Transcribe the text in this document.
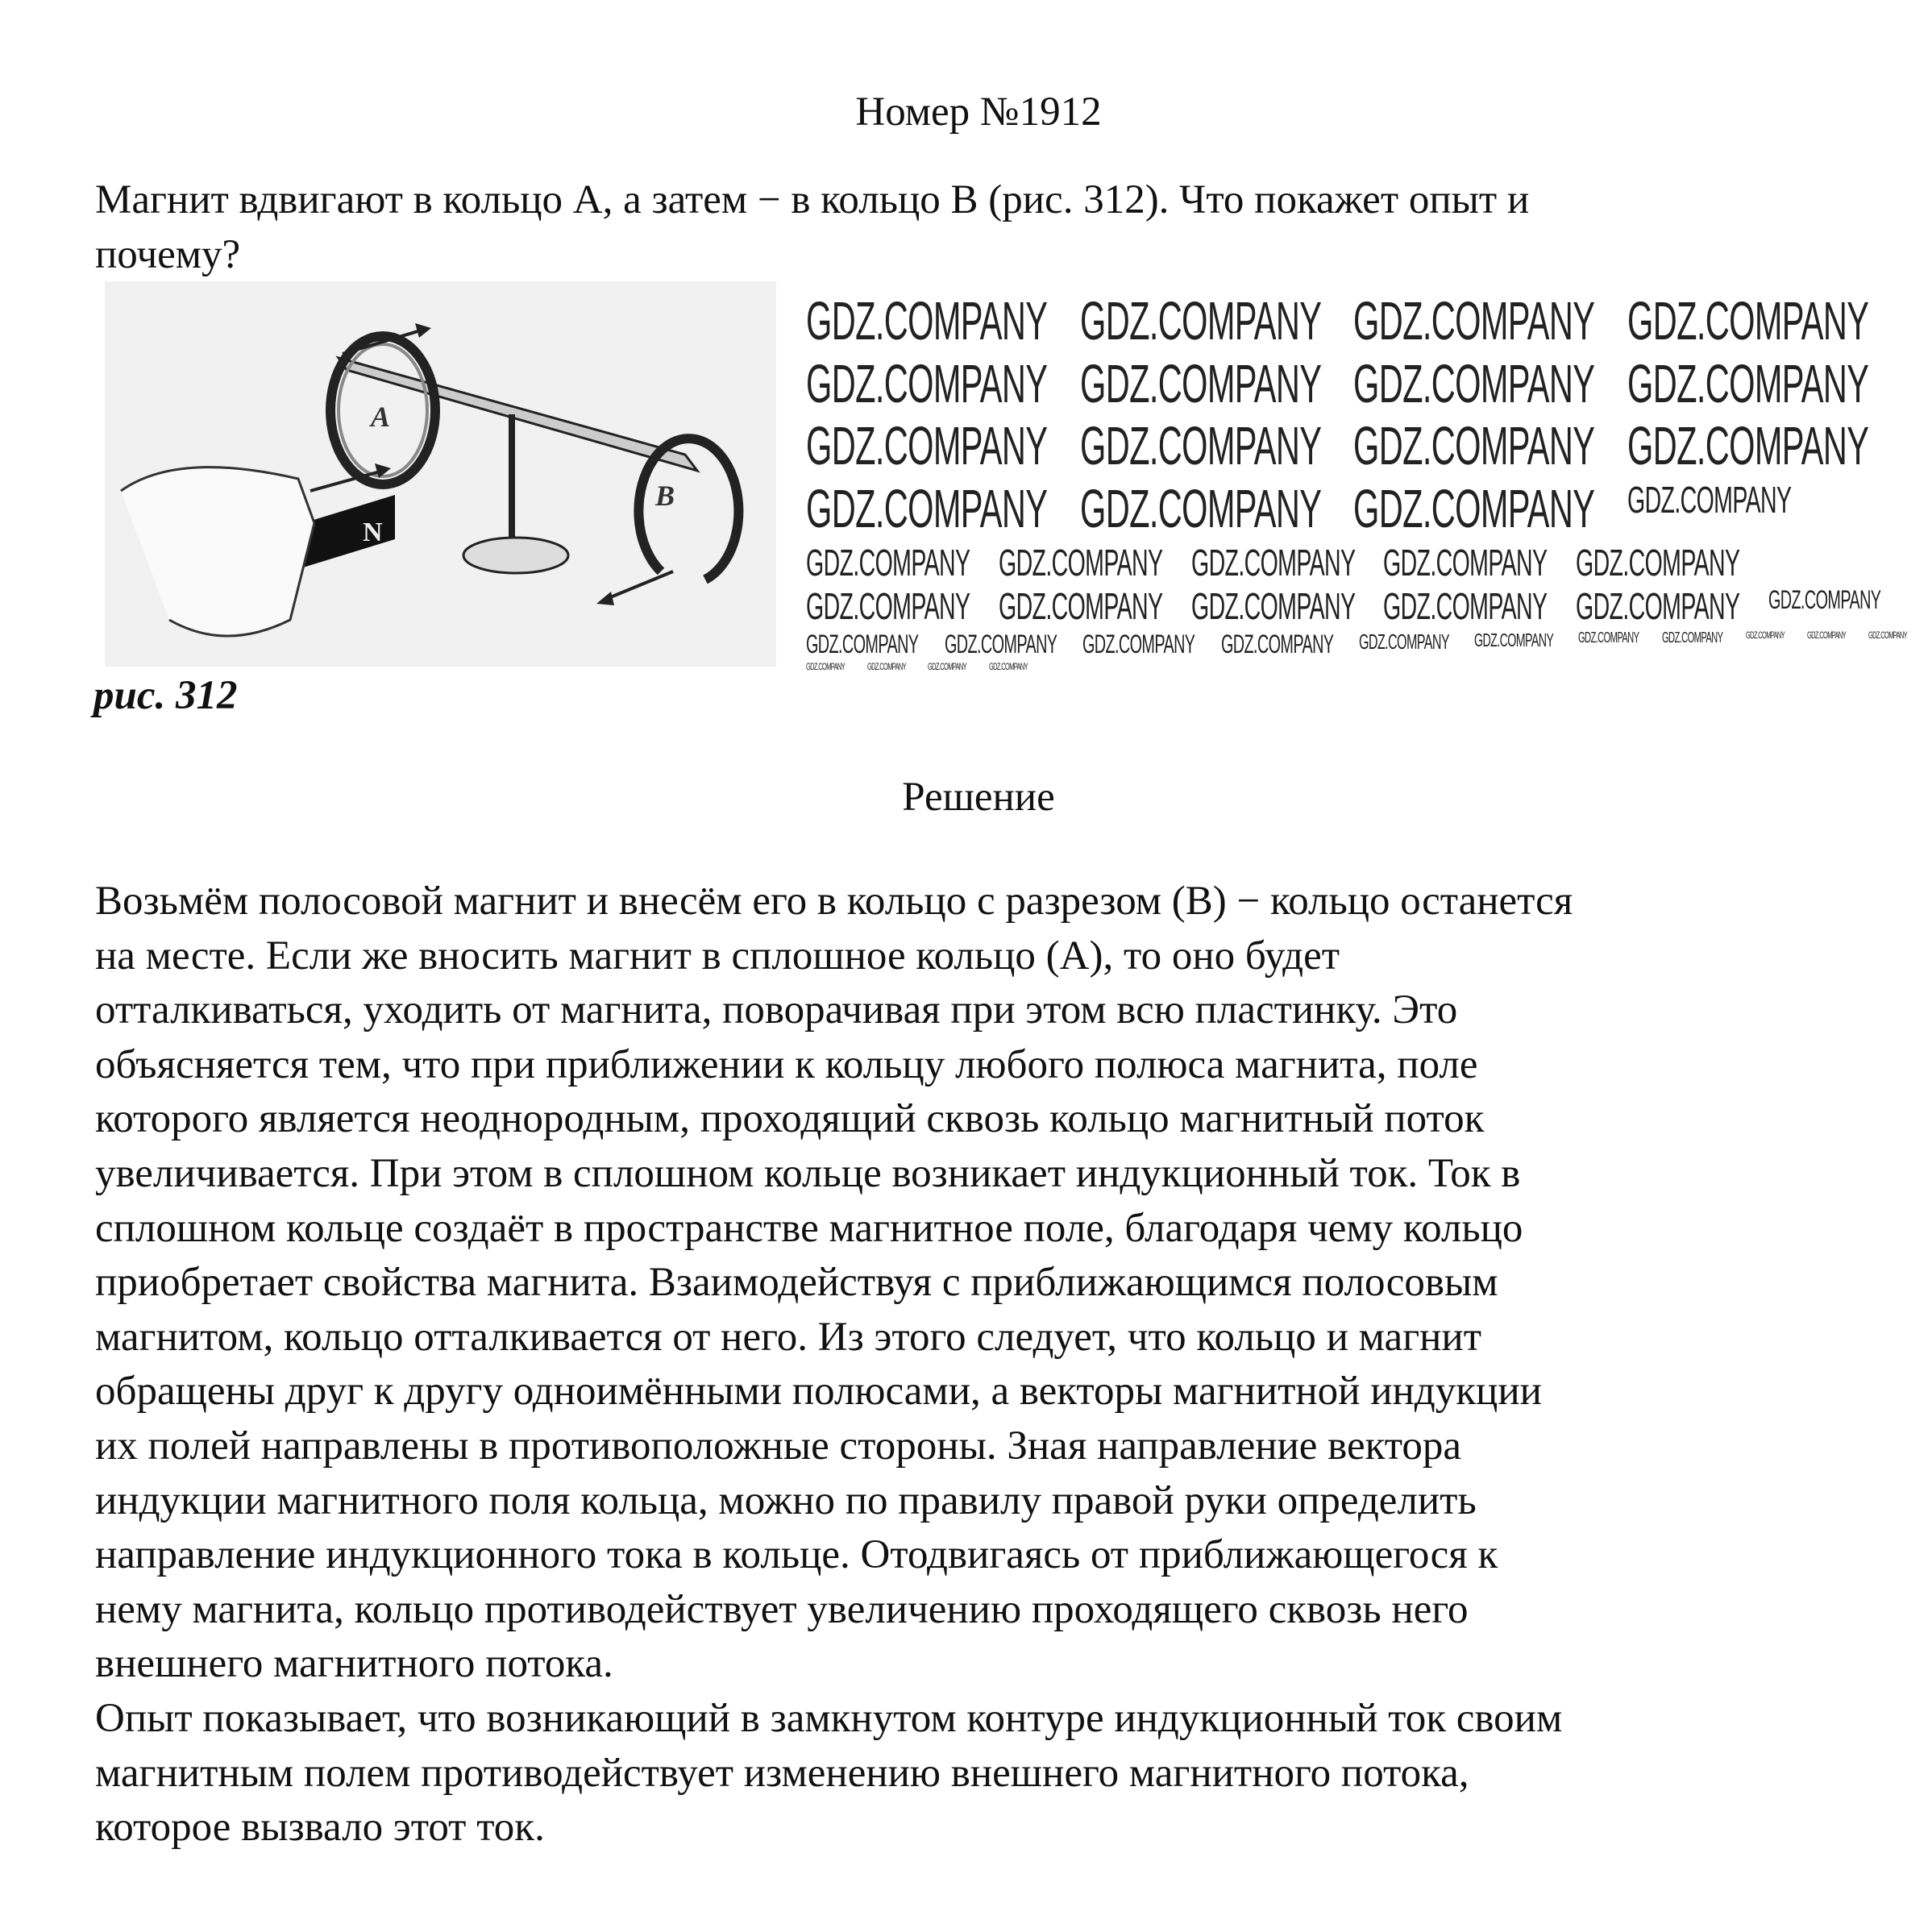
Номер №1912
Магнит вдвигают в кольцо А, а затем − в кольцо В (рис. 312). Что покажет опыт и
почему?
A
B
N
рис. 312
Решение
Возьмём полосовой магнит и внесём его в кольцо с разрезом (В) − кольцо останется
на месте. Если же вносить магнит в сплошное кольцо (А), то оно будет
отталкиваться, уходить от магнита, поворачивая при этом всю пластинку. Это
объясняется тем, что при приближении к кольцу любого полюса магнита, поле
которого является неоднородным, проходящий сквозь кольцо магнитный поток
увеличивается. При этом в сплошном кольце возникает индукционный ток. Ток в
сплошном кольце создаёт в пространстве магнитное поле, благодаря чему кольцо
приобретает свойства магнита. Взаимодействуя с приближающимся полосовым
магнитом, кольцо отталкивается от него. Из этого следует, что кольцо и магнит
обращены друг к другу одноимёнными полюсами, а векторы магнитной индукции
их полей направлены в противоположные стороны. Зная направление вектора
индукции магнитного поля кольца, можно по правилу правой руки определить
направление индукционного тока в кольце. Отодвигаясь от приближающегося к
нему магнита, кольцо противодействует увеличению проходящего сквозь него
внешнего магнитного потока.
Опыт показывает, что возникающий в замкнутом контуре индукционный ток своим
магнитным полем противодействует изменению внешнего магнитного потока,
которое вызвало этот ток.
GDZ.COMPANY GDZ.COMPANY GDZ.COMPANY GDZ.COMPANY
GDZ.COMPANY GDZ.COMPANY GDZ.COMPANY GDZ.COMPANY
GDZ.COMPANY GDZ.COMPANY GDZ.COMPANY GDZ.COMPANY
GDZ.COMPANY GDZ.COMPANY GDZ.COMPANY GDZ.COMPANY
GDZ.COMPANY GDZ.COMPANY GDZ.COMPANY GDZ.COMPANY GDZ.COMPANY
GDZ.COMPANY GDZ.COMPANY GDZ.COMPANY GDZ.COMPANY GDZ.COMPANY	GDZ.COMPANY
GDZ.COMPANY	GDZ.COMPANY	GDZ.COMPANY	GDZ.COMPANY	GDZ.COMPANY	GDZ.COMPANY	GDZ.COMPANY	GDZ.COMPANY	GDZ.COMPANY	GDZ.COMPANY	GDZ.COMPANY
GDZ.COMPANY	GDZ.COMPANY	GDZ.COMPANY	GDZ.COMPANY
